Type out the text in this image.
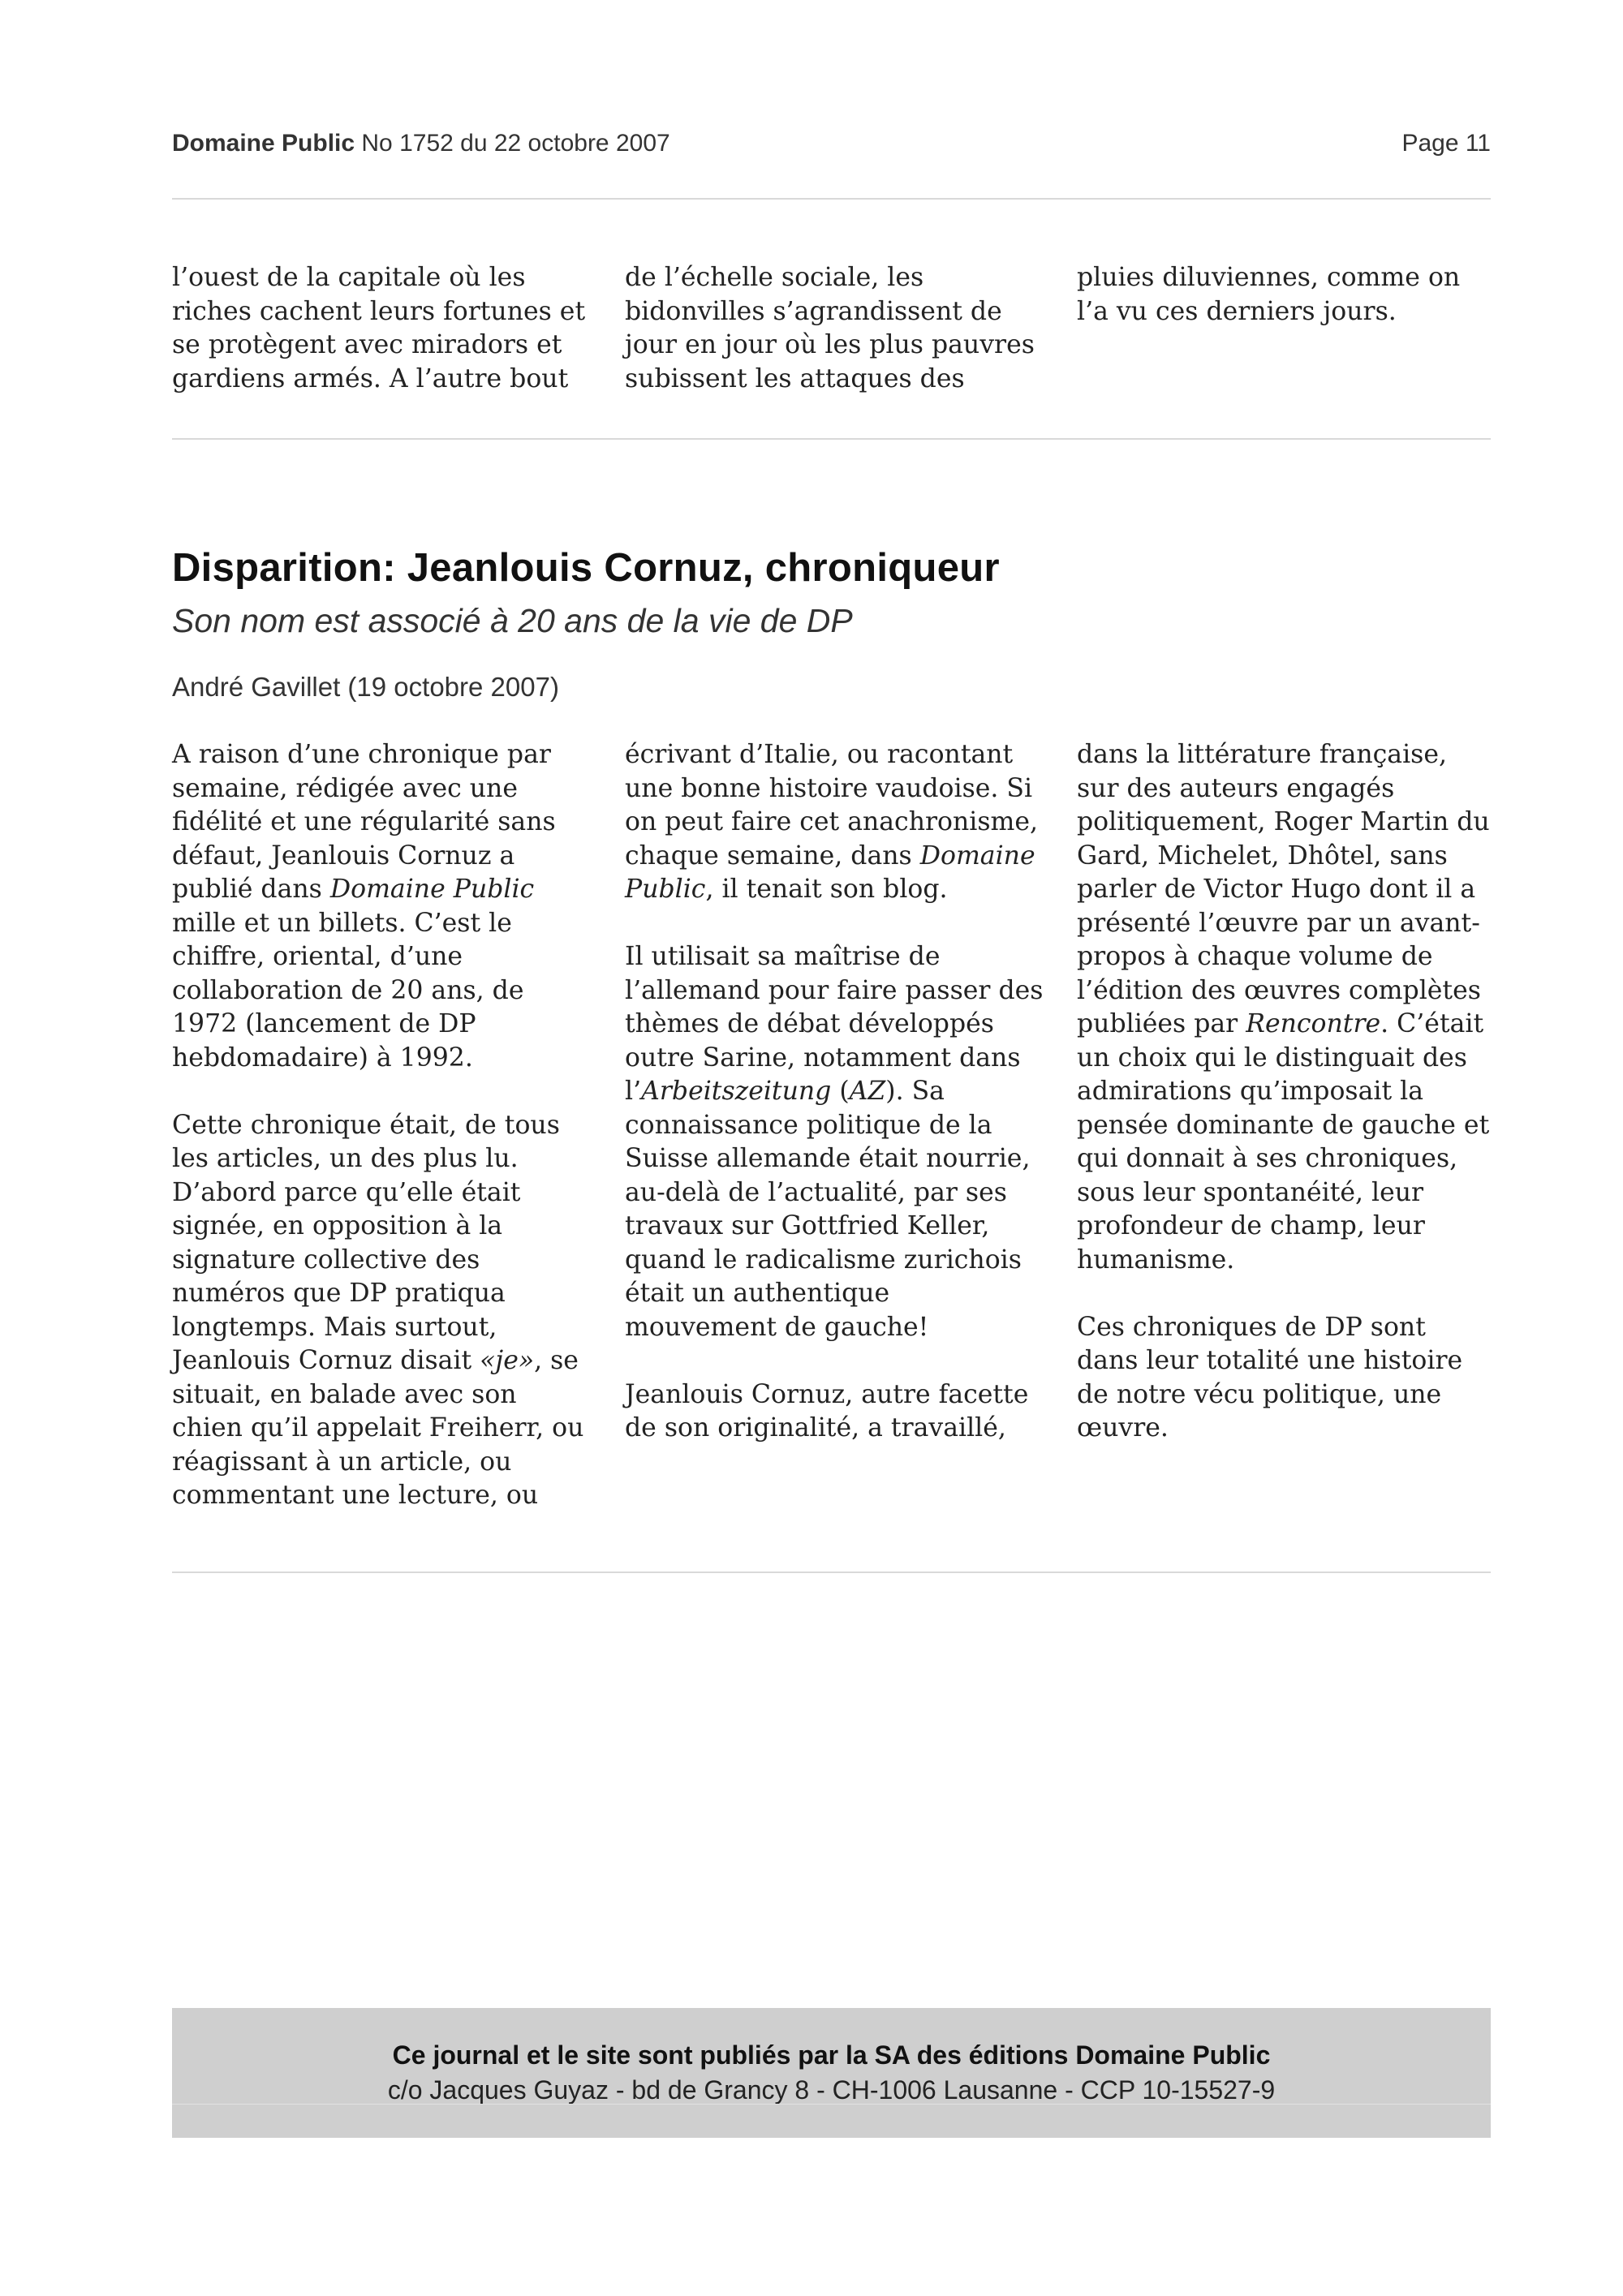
Domaine Public No 1752 du 22 octobre 2007	Page 11

l’ouest de la capitale où les riches cachent leurs fortunes et se protègent avec miradors et gardiens armés. A l’autre bout

de l’échelle sociale, les bidonvilles s’agrandissent de jour en jour où les plus pauvres subissent les attaques des

pluies diluviennes, comme on l’a vu ces derniers jours.

Disparition: Jeanlouis Cornuz, chroniqueur
Son nom est associé à 20 ans de la vie de DP
André Gavillet (19 octobre 2007)

A raison d’une chronique par semaine, rédigée avec une fidélité et une régularité sans défaut, Jeanlouis Cornuz a publié dans Domaine Public mille et un billets. C’est le chiffre, oriental, d’une collaboration de 20 ans, de 1972 (lancement de DP hebdomadaire) à 1992.

Cette chronique était, de tous les articles, un des plus lu. D’abord parce qu’elle était signée, en opposition à la signature collective des numéros que DP pratiqua longtemps. Mais surtout, Jeanlouis Cornuz disait «je», se situait, en balade avec son chien qu’il appelait Freiherr, ou réagissant à un article, ou commentant une lecture, ou

écrivant d’Italie, ou racontant une bonne histoire vaudoise. Si on peut faire cet anachronisme, chaque semaine, dans Domaine Public, il tenait son blog.

Il utilisait sa maîtrise de l’allemand pour faire passer des thèmes de débat développés outre Sarine, notamment dans l’Arbeitszeitung (AZ). Sa connaissance politique de la Suisse allemande était nourrie, au-delà de l’actualité, par ses travaux sur Gottfried Keller, quand le radicalisme zurichois était un authentique mouvement de gauche!

Jeanlouis Cornuz, autre facette de son originalité, a travaillé,

dans la littérature française, sur des auteurs engagés politiquement, Roger Martin du Gard, Michelet, Dhôtel, sans parler de Victor Hugo dont il a présenté l’œuvre par un avant-propos à chaque volume de l’édition des œuvres complètes publiées par Rencontre. C’était un choix qui le distinguait des admirations qu’imposait la pensée dominante de gauche et qui donnait à ses chroniques, sous leur spontanéité, leur profondeur de champ, leur humanisme.

Ces chroniques de DP sont dans leur totalité une histoire de notre vécu politique, une œuvre.

Ce journal et le site sont publiés par la SA des éditions Domaine Public
c/o Jacques Guyaz - bd de Grancy 8 - CH-1006 Lausanne - CCP 10-15527-9
